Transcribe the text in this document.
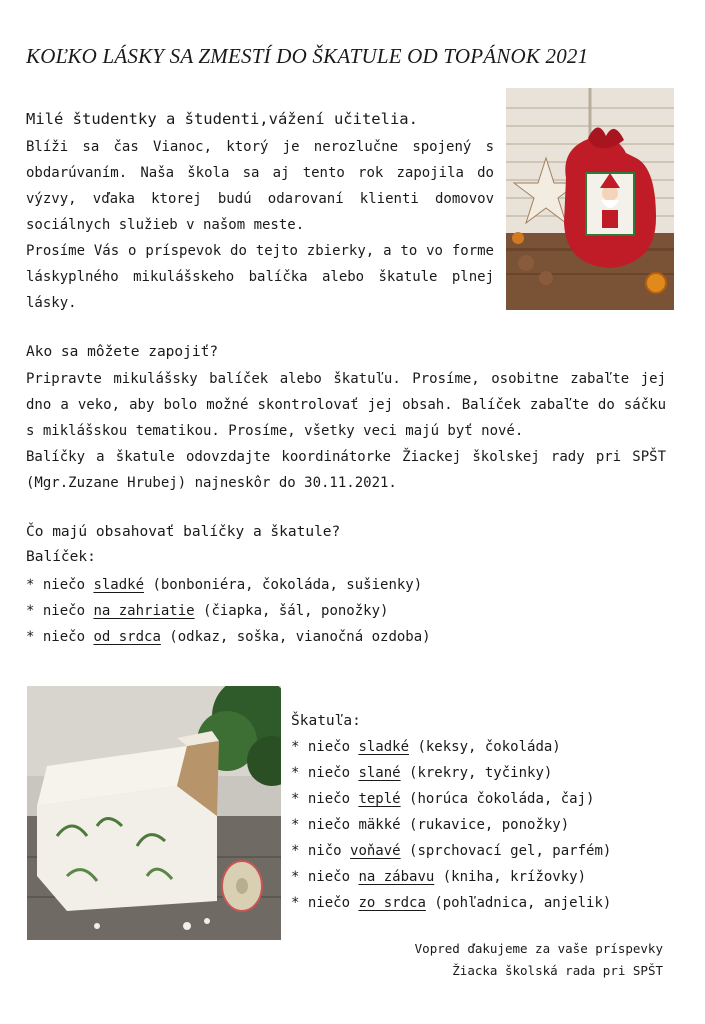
KOĽKO LÁSKY SA ZMESTÍ DO ŠKATULE OD TOPÁNOK 2021
Milé študentky a študenti,vážení učitelia.
Blíži sa čas Vianoc, ktorý je nerozlučne spojený s obdarúvaním. Naša škola sa aj tento rok zapojila do výzvy, vďaka ktorej budú odarovaní klienti domovov sociálnych služieb v našom meste.
Prosíme Vás o príspevok do tejto zbierky, a to vo forme láskyplného mikulášskeho balíčka alebo škatule plnej lásky.
Ako sa môžete zapojiť?
Pripravte mikulášsky balíček alebo škatuľu. Prosíme, osobitne zabaľte jej dno a veko, aby bolo možné skontrolovať jej obsah. Balíček zabaľte do sáčku s miklášskou tematikou. Prosíme, všetky veci majú byť nové.
Balíčky a škatule odovzdajte koordinátorke Žiackej školskej rady pri SPŠT (Mgr.Zuzane Hrubej) najneskôr do 30.11.2021.
Čo majú obsahovať balíčky a škatule?
Balíček:
* niečo sladké (bonboniéra, čokoláda, sušienky)
* niečo na zahriatie (čiapka, šál, ponožky)
* niečo od srdca (odkaz, soška, vianočná ozdoba)
Škatuľa:
* niečo sladké (keksy, čokoláda)
* niečo slané (krekry, tyčinky)
* niečo teplé (horúca čokoláda, čaj)
* niečo mäkké (rukavice, ponožky)
* ničo voňavé (sprchovací gel, parfém)
* niečo na zábavu (kniha, krížovky)
* niečo zo srdca (pohľadnica, anjelik)
Vopred ďakujeme za vaše príspevky
Žiacka školská rada pri SPŠT
